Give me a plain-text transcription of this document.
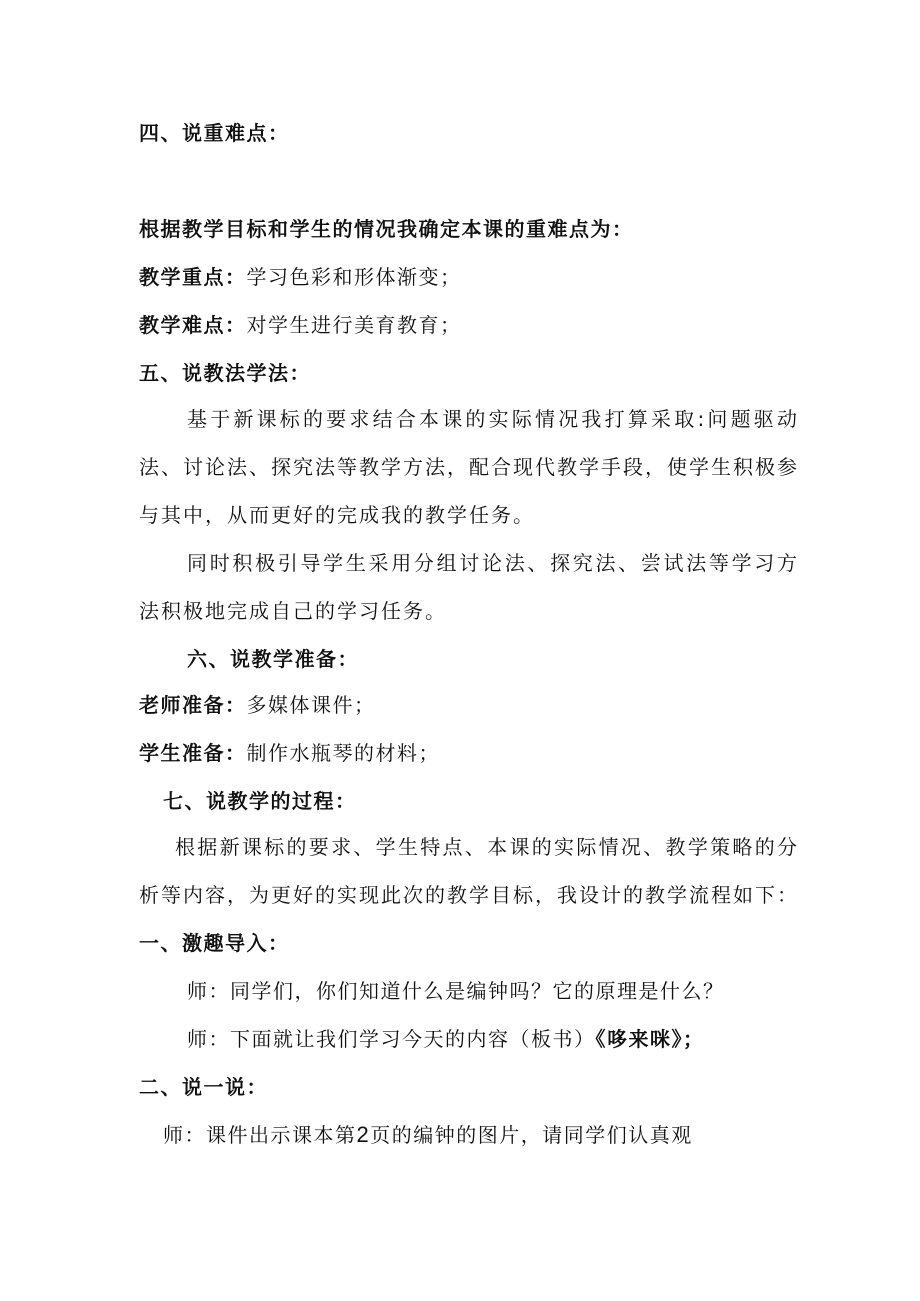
四、说重难点：
根据教学目标和学生的情况我确定本课的重难点为：
教学重点：学习色彩和形体渐变；
教学难点：对学生进行美育教育；
五、说教法学法：
基于新课标的要求结合本课的实际情况我打算采取:问题驱动法、讨论法、探究法等教学方法，配合现代教学手段，使学生积极参与其中，从而更好的完成我的教学任务。
同时积极引导学生采用分组讨论法、探究法、尝试法等学习方法积极地完成自己的学习任务。
六、说教学准备：
老师准备：多媒体课件；
学生准备：制作水瓶琴的材料；
七、说教学的过程：
根据新课标的要求、学生特点、本课的实际情况、教学策略的分析等内容，为更好的实现此次的教学目标，我设计的教学流程如下：
一、激趣导入：
师：同学们，你们知道什么是编钟吗？它的原理是什么？
师：下面就让我们学习今天的内容（板书）《哆来咪》；
二、说一说：
师：课件出示课本第2页的编钟的图片，请同学们认真观
